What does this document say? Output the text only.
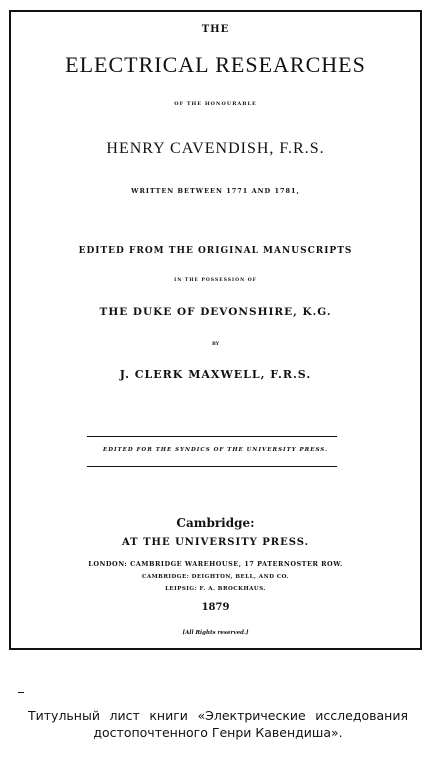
THE
ELECTRICAL RESEARCHES
OF THE HONOURABLE
HENRY CAVENDISH, F.R.S.
WRITTEN BETWEEN 1771 AND 1781,
EDITED FROM THE ORIGINAL MANUSCRIPTS
IN THE POSSESSION OF
THE DUKE OF DEVONSHIRE, K.G.
BY
J. CLERK MAXWELL, F.R.S.
EDITED FOR THE SYNDICS OF THE UNIVERSITY PRESS.
Cambridge:
AT THE UNIVERSITY PRESS.
LONDON: CAMBRIDGE WAREHOUSE, 17 PATERNOSTER ROW.
CAMBRIDGE: DEIGHTON, BELL, AND CO.
LEIPSIG: F. A. BROCKHAUS.
1879
[All Rights reserved.]
Титульный лист книги «Электрические исследования достопочтенного Генри Кавендиша».
